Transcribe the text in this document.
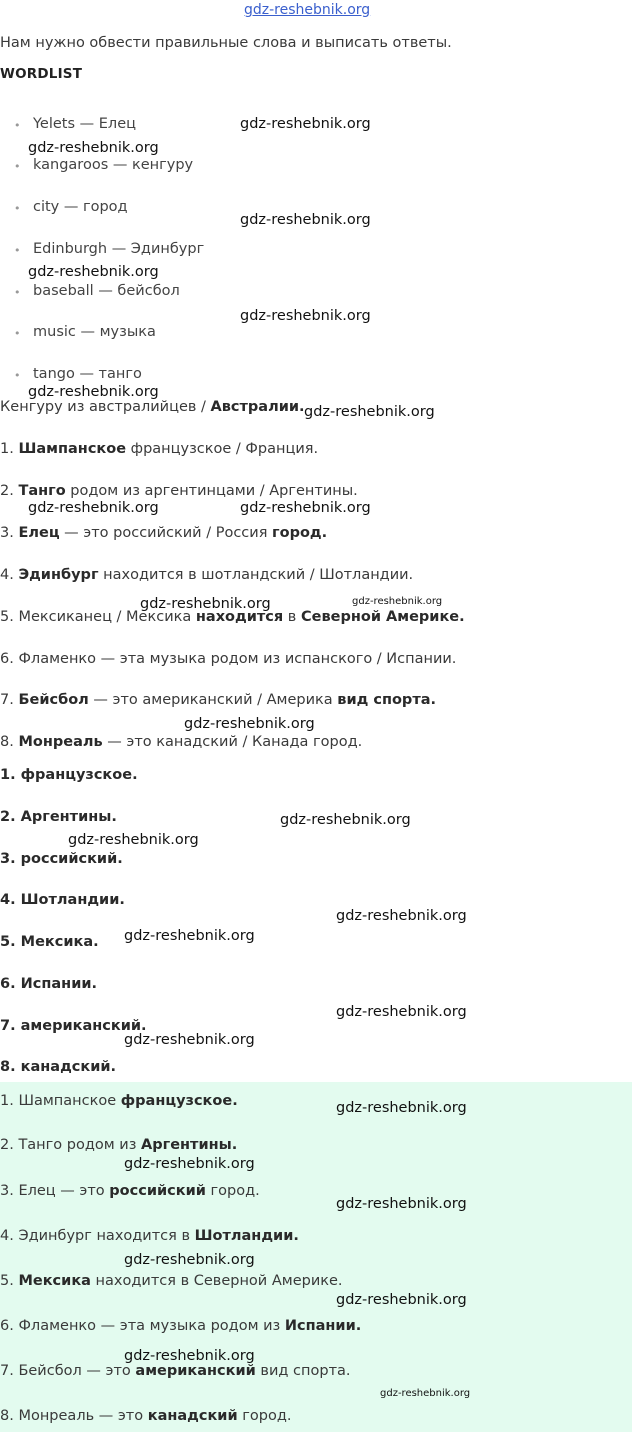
gdz-reshebnik.org
Нам нужно обвести правильные слова и выписать ответы.
WORDLIST
• Yelets — Елец
• kangaroos — кенгуру
• city — город
• Edinburgh — Эдинбург
• baseball — бейсбол
• music — музыка
• tango — танго
Кенгуру из австралийцев / Австралии.
1. Шампанское французское / Франция.
2. Танго родом из аргентинцами / Аргентины.
3. Елец — это российский / Россия город.
4. Эдинбург находится в шотландский / Шотландии.
5. Мексиканец / Мексика находится в Северной Америке.
6. Фламенко — эта музыка родом из испанского / Испании.
7. Бейсбол — это американский / Америка вид спорта.
8. Монреаль — это канадский / Канада город.
1. французское.
2. Аргентины.
3. российский.
4. Шотландии.
5. Мексика.
6. Испании.
7. американский.
8. канадский.
1. Шампанское французское.
2. Танго родом из Аргентины.
3. Елец — это российский город.
4. Эдинбург находится в Шотландии.
5. Мексика находится в Северной Америке.
6. Фламенко — эта музыка родом из Испании.
7. Бейсбол — это американский вид спорта.
8. Монреаль — это канадский город.
gdz-reshebnik.org
gdz-reshebnik.org
gdz-reshebnik.org
gdz-reshebnik.org
gdz-reshebnik.org
gdz-reshebnik.org
gdz-reshebnik.org
gdz-reshebnik.org	gdz-reshebnik.org
gdz-reshebnik.org	gdz-reshebnik.org
gdz-reshebnik.org
gdz-reshebnik.org
gdz-reshebnik.org
gdz-reshebnik.org
gdz-reshebnik.org
gdz-reshebnik.org
gdz-reshebnik.org
gdz-reshebnik.org
gdz-reshebnik.org
gdz-reshebnik.org
gdz-reshebnik.org
gdz-reshebnik.org
gdz-reshebnik.org
gdz-reshebnik.org
